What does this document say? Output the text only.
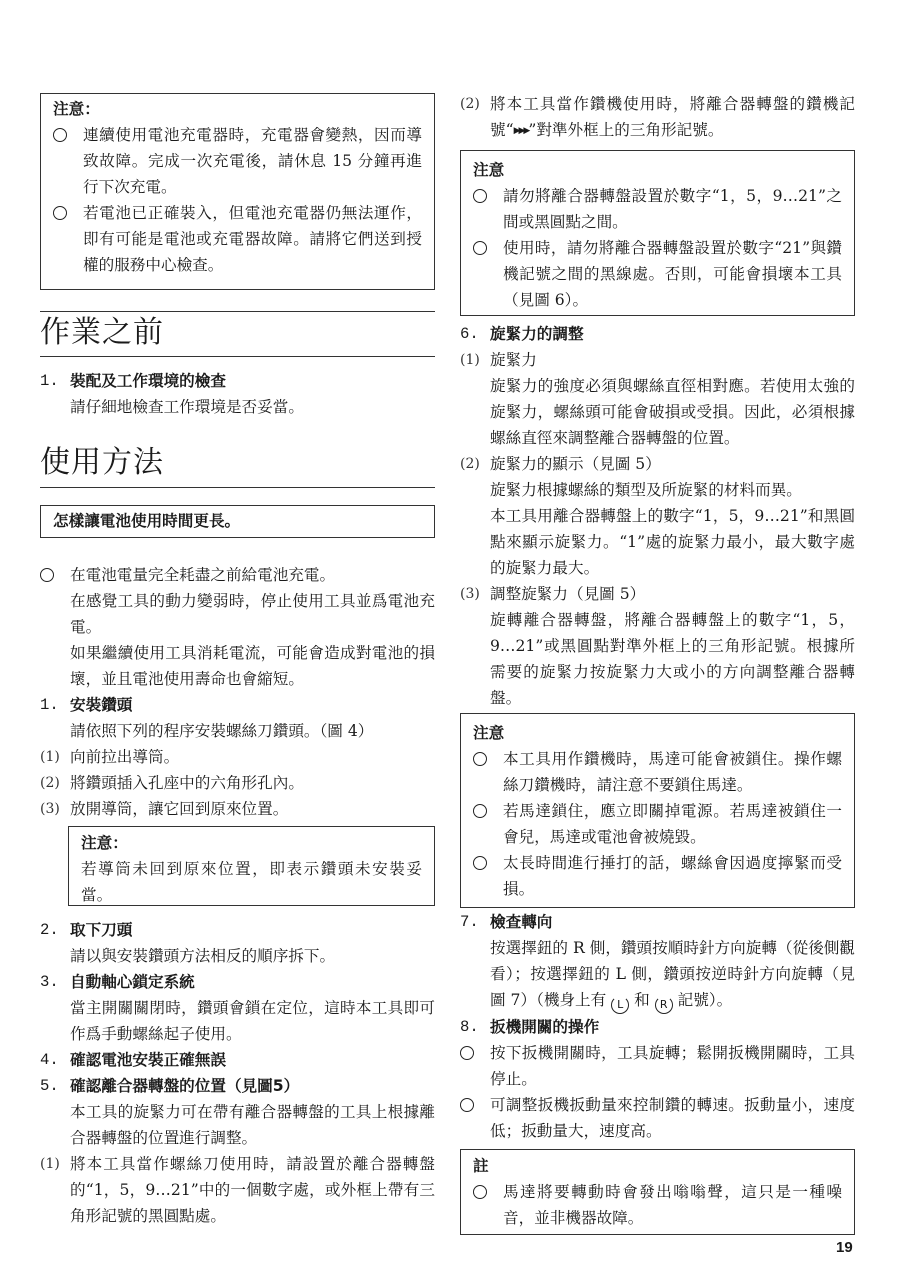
注意：
連續使用電池充電器時，充電器會變熱，因而導致故障。完成一次充電後，請休息 15 分鐘再進行下次充電。
若電池已正確裝入，但電池充電器仍無法運作，即有可能是電池或充電器故障。請將它們送到授權的服務中心檢查。
作業之前
1. 裝配及工作環境的檢查
請仔細地檢查工作環境是否妥當。
使用方法
怎樣讓電池使用時間更長。
在電池電量完全耗盡之前給電池充電。
在感覺工具的動力變弱時，停止使用工具並爲電池充電。
如果繼續使用工具消耗電流，可能會造成對電池的損壞，並且電池使用壽命也會縮短。
1. 安裝鑽頭
請依照下列的程序安裝螺絲刀鑽頭。（圖 4）
(1) 向前拉出導筒。
(2) 將鑽頭插入孔座中的六角形孔內。
(3) 放開導筒，讓它回到原來位置。
注意：
若導筒未回到原來位置，即表示鑽頭未安裝妥當。
2. 取下刀頭
請以與安裝鑽頭方法相反的順序拆下。
3. 自動軸心鎖定系統
當主開關關閉時，鑽頭會鎖在定位，這時本工具即可作爲手動螺絲起子使用。
4. 確認電池安裝正確無誤
5. 確認離合器轉盤的位置（見圖5）
本工具的旋緊力可在帶有離合器轉盤的工具上根據離合器轉盤的位置進行調整。
(1) 將本工具當作螺絲刀使用時，請設置於離合器轉盤的“1，5，9…21”中的一個數字處，或外框上帶有三角形記號的黑圓點處。
(2) 將本工具當作鑽機使用時，將離合器轉盤的鑽機記號“▶▶▶”對準外框上的三角形記號。
注意
請勿將離合器轉盤設置於數字“1，5，9…21”之間或黑圓點之間。
使用時，請勿將離合器轉盤設置於數字“21”與鑽機記號之間的黑線處。否則，可能會損壞本工具（見圖 6）。
6. 旋緊力的調整
(1) 旋緊力
旋緊力的強度必須與螺絲直徑相對應。若使用太強的旋緊力，螺絲頭可能會破損或受損。因此，必須根據螺絲直徑來調整離合器轉盤的位置。
(2) 旋緊力的顯示（見圖 5）
旋緊力根據螺絲的類型及所旋緊的材料而異。
本工具用離合器轉盤上的數字“1，5，9…21”和黑圓點來顯示旋緊力。“1”處的旋緊力最小，最大數字處的旋緊力最大。
(3) 調整旋緊力（見圖 5）
旋轉離合器轉盤，將離合器轉盤上的數字“1，5，9…21”或黑圓點對準外框上的三角形記號。根據所需要的旋緊力按旋緊力大或小的方向調整離合器轉盤。
注意
本工具用作鑽機時，馬達可能會被鎖住。操作螺絲刀鑽機時，請注意不要鎖住馬達。
若馬達鎖住，應立即關掉電源。若馬達被鎖住一會兒，馬達或電池會被燒毀。
太長時間進行捶打的話，螺絲會因過度擰緊而受損。
7. 檢查轉向
按選擇鈕的 R 側，鑽頭按順時針方向旋轉（從後側觀看）；按選擇鈕的 L 側，鑽頭按逆時針方向旋轉（見圖 7）（機身上有 L 和 R 記號）。
8. 扳機開關的操作
按下扳機開關時，工具旋轉；鬆開扳機開關時，工具停止。
可調整扳機扳動量來控制鑽的轉速。扳動量小，速度低；扳動量大，速度高。
註
馬達將要轉動時會發出嗡嗡聲，這只是一種噪音，並非機器故障。
19
